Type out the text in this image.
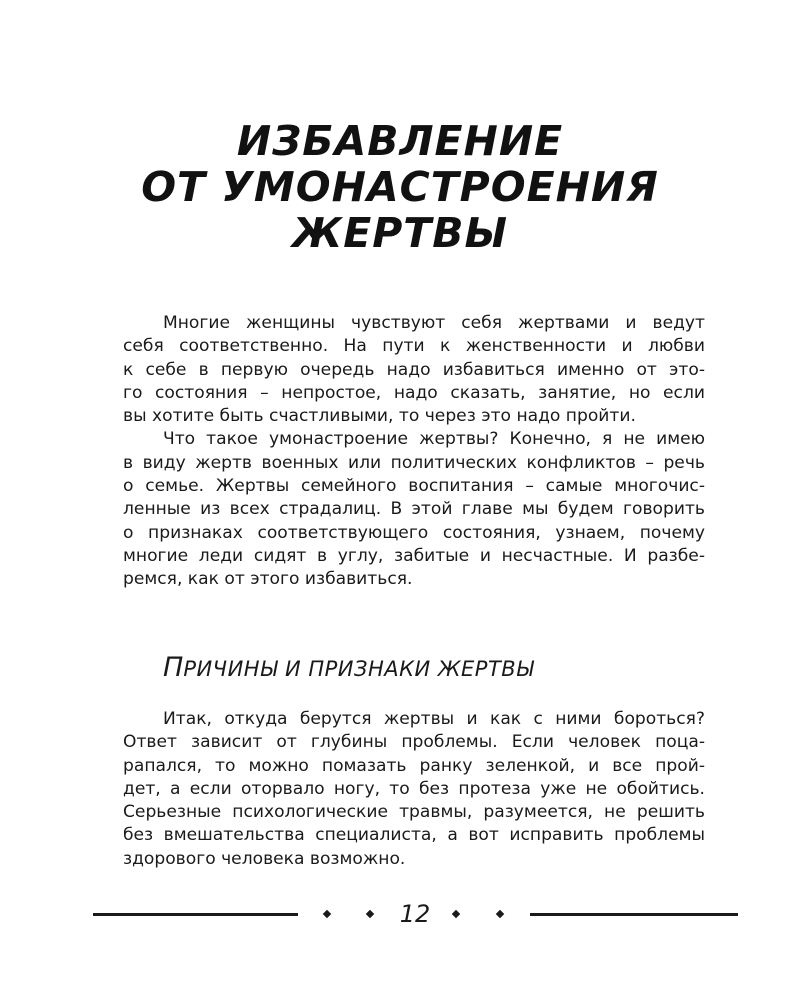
ИЗБАВЛЕНИЕ
ОТ УМОНАСТРОЕНИЯ
ЖЕРТВЫ
Многие женщины чувствуют себя жертвами и ведут
себя соответственно. На пути к женственности и любви
к себе в первую очередь надо избавиться именно от это-
го состояния – непростое, надо сказать, занятие, но если
вы хотите быть счастливыми, то через это надо пройти.
Что такое умонастроение жертвы? Конечно, я не имею
в виду жертв военных или политических конфликтов – речь
о семье. Жертвы семейного воспитания – самые многочис-
ленные из всех страдалиц. В этой главе мы будем говорить
о признаках соответствующего состояния, узнаем, почему
многие леди сидят в углу, забитые и несчастные. И разбе-
ремся, как от этого избавиться.
ПРИЧИНЫ И ПРИЗНАКИ ЖЕРТВЫ
Итак, откуда берутся жертвы и как с ними бороться?
Ответ зависит от глубины проблемы. Если человек поца-
рапался, то можно помазать ранку зеленкой, и все прой-
дет, а если оторвало ногу, то без протеза уже не обойтись.
Серьезные психологические травмы, разумеется, не решить
без вмешательства специалиста, а вот исправить проблемы
здорового человека возможно.
12
